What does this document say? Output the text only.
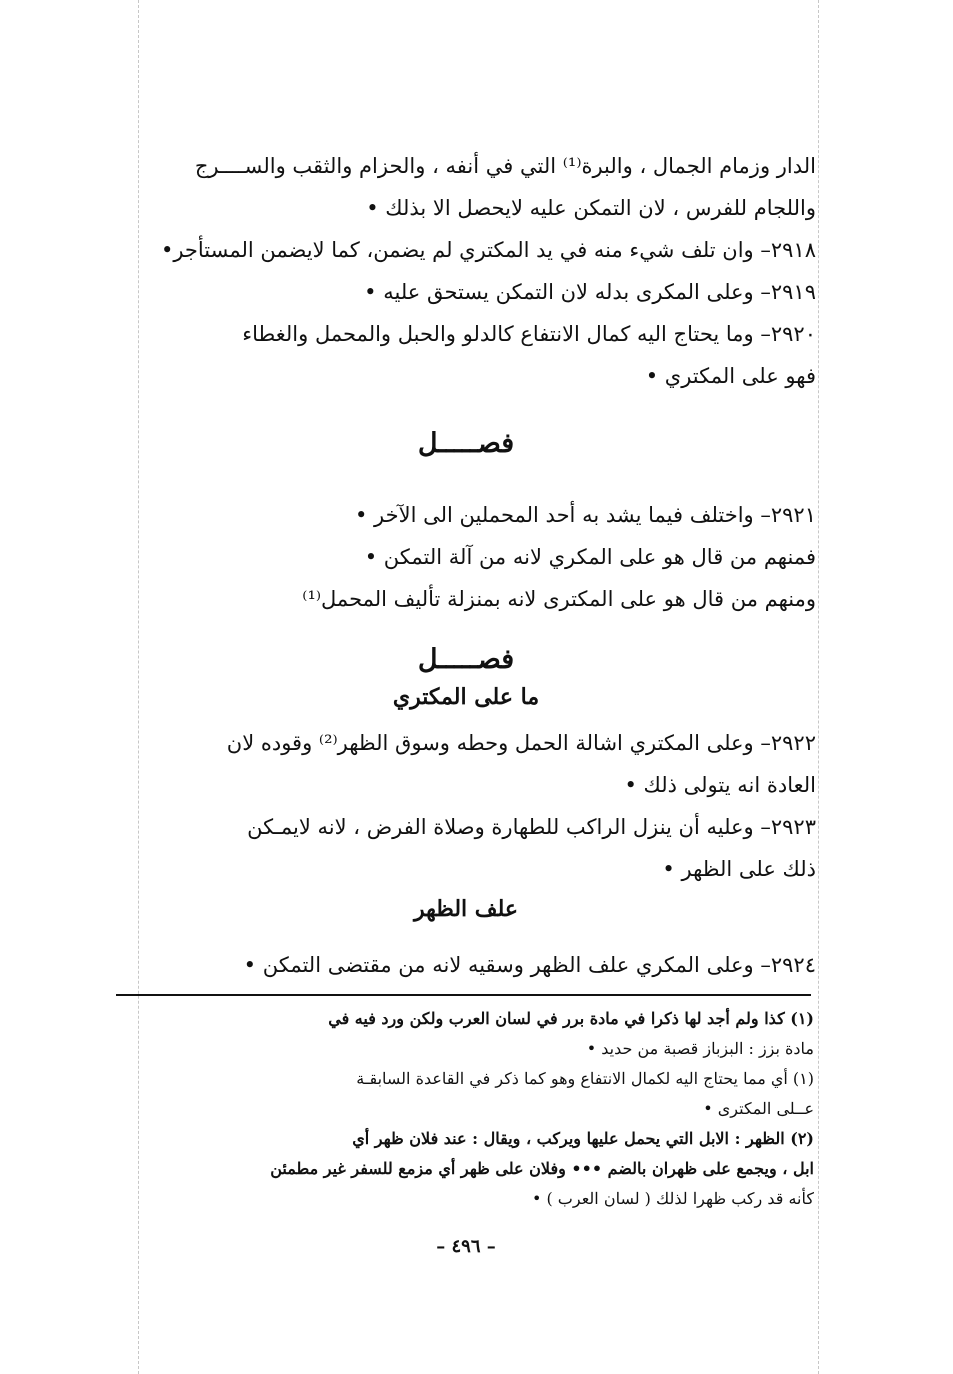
الدار وزمام الجمال ، والبرة⁽¹⁾ التي في أنفه ، والحزام والثقب والســــرج
واللجام للفرس ، لان التمكن عليه لايحصل الا بذلك •
٢٩١٨– وان تلف شيء منه في يد المكتري لم يضمن، كما لايضمن المستأجر•
٢٩١٩– وعلى المكرى بدله لان التمكن يستحق عليه •
٢٩٢٠– وما يحتاج اليه كمال الانتفاع كالدلو والحبل والمحمل والغطاء
فهو على المكتري •
فصـــــل
٢٩٢١– واختلف فيما يشد به أحد المحملين الى الآخر •
فمنهم من قال هو على المكري لانه من آلة التمكن •
ومنهم من قال هو على المكترى لانه بمنزلة تأليف المحمل⁽¹⁾
فصـــــل
ما على المكتري
٢٩٢٢– وعلى المكتري اشالة الحمل وحطه وسوق الظهر⁽²⁾ وقوده لان
العادة انه يتولى ذلك •
٢٩٢٣– وعليه أن ينزل الراكب للطهارة وصلاة الفرض ، لانه لايمـكن
ذلك على الظهر •
علف الظهر
٢٩٢٤– وعلى المكري علف الظهر وسقيه لانه من مقتضى التمكن •
(١) كذا ولم أجد لها ذكرا في مادة برر في لسان العرب ولكن ورد فيه في
مادة بزز : البزباز قصبة من حديد •
(١) أي مما يحتاج اليه لكمال الانتفاع وهو كما ذكر في القاعدة السابقـة
عــلى المكترى •
(٢) الظهر : الابل التي يحمل عليها ويركب ، ويقال : عند فلان ظهر أي
ابل ، ويجمع على ظهران بالضم ••• وفلان على ظهر أي مزمع للسفر غير مطمئن
كأنه قد ركب ظهرا لذلك ( لسان العرب ) •
– ٤٩٦ –
